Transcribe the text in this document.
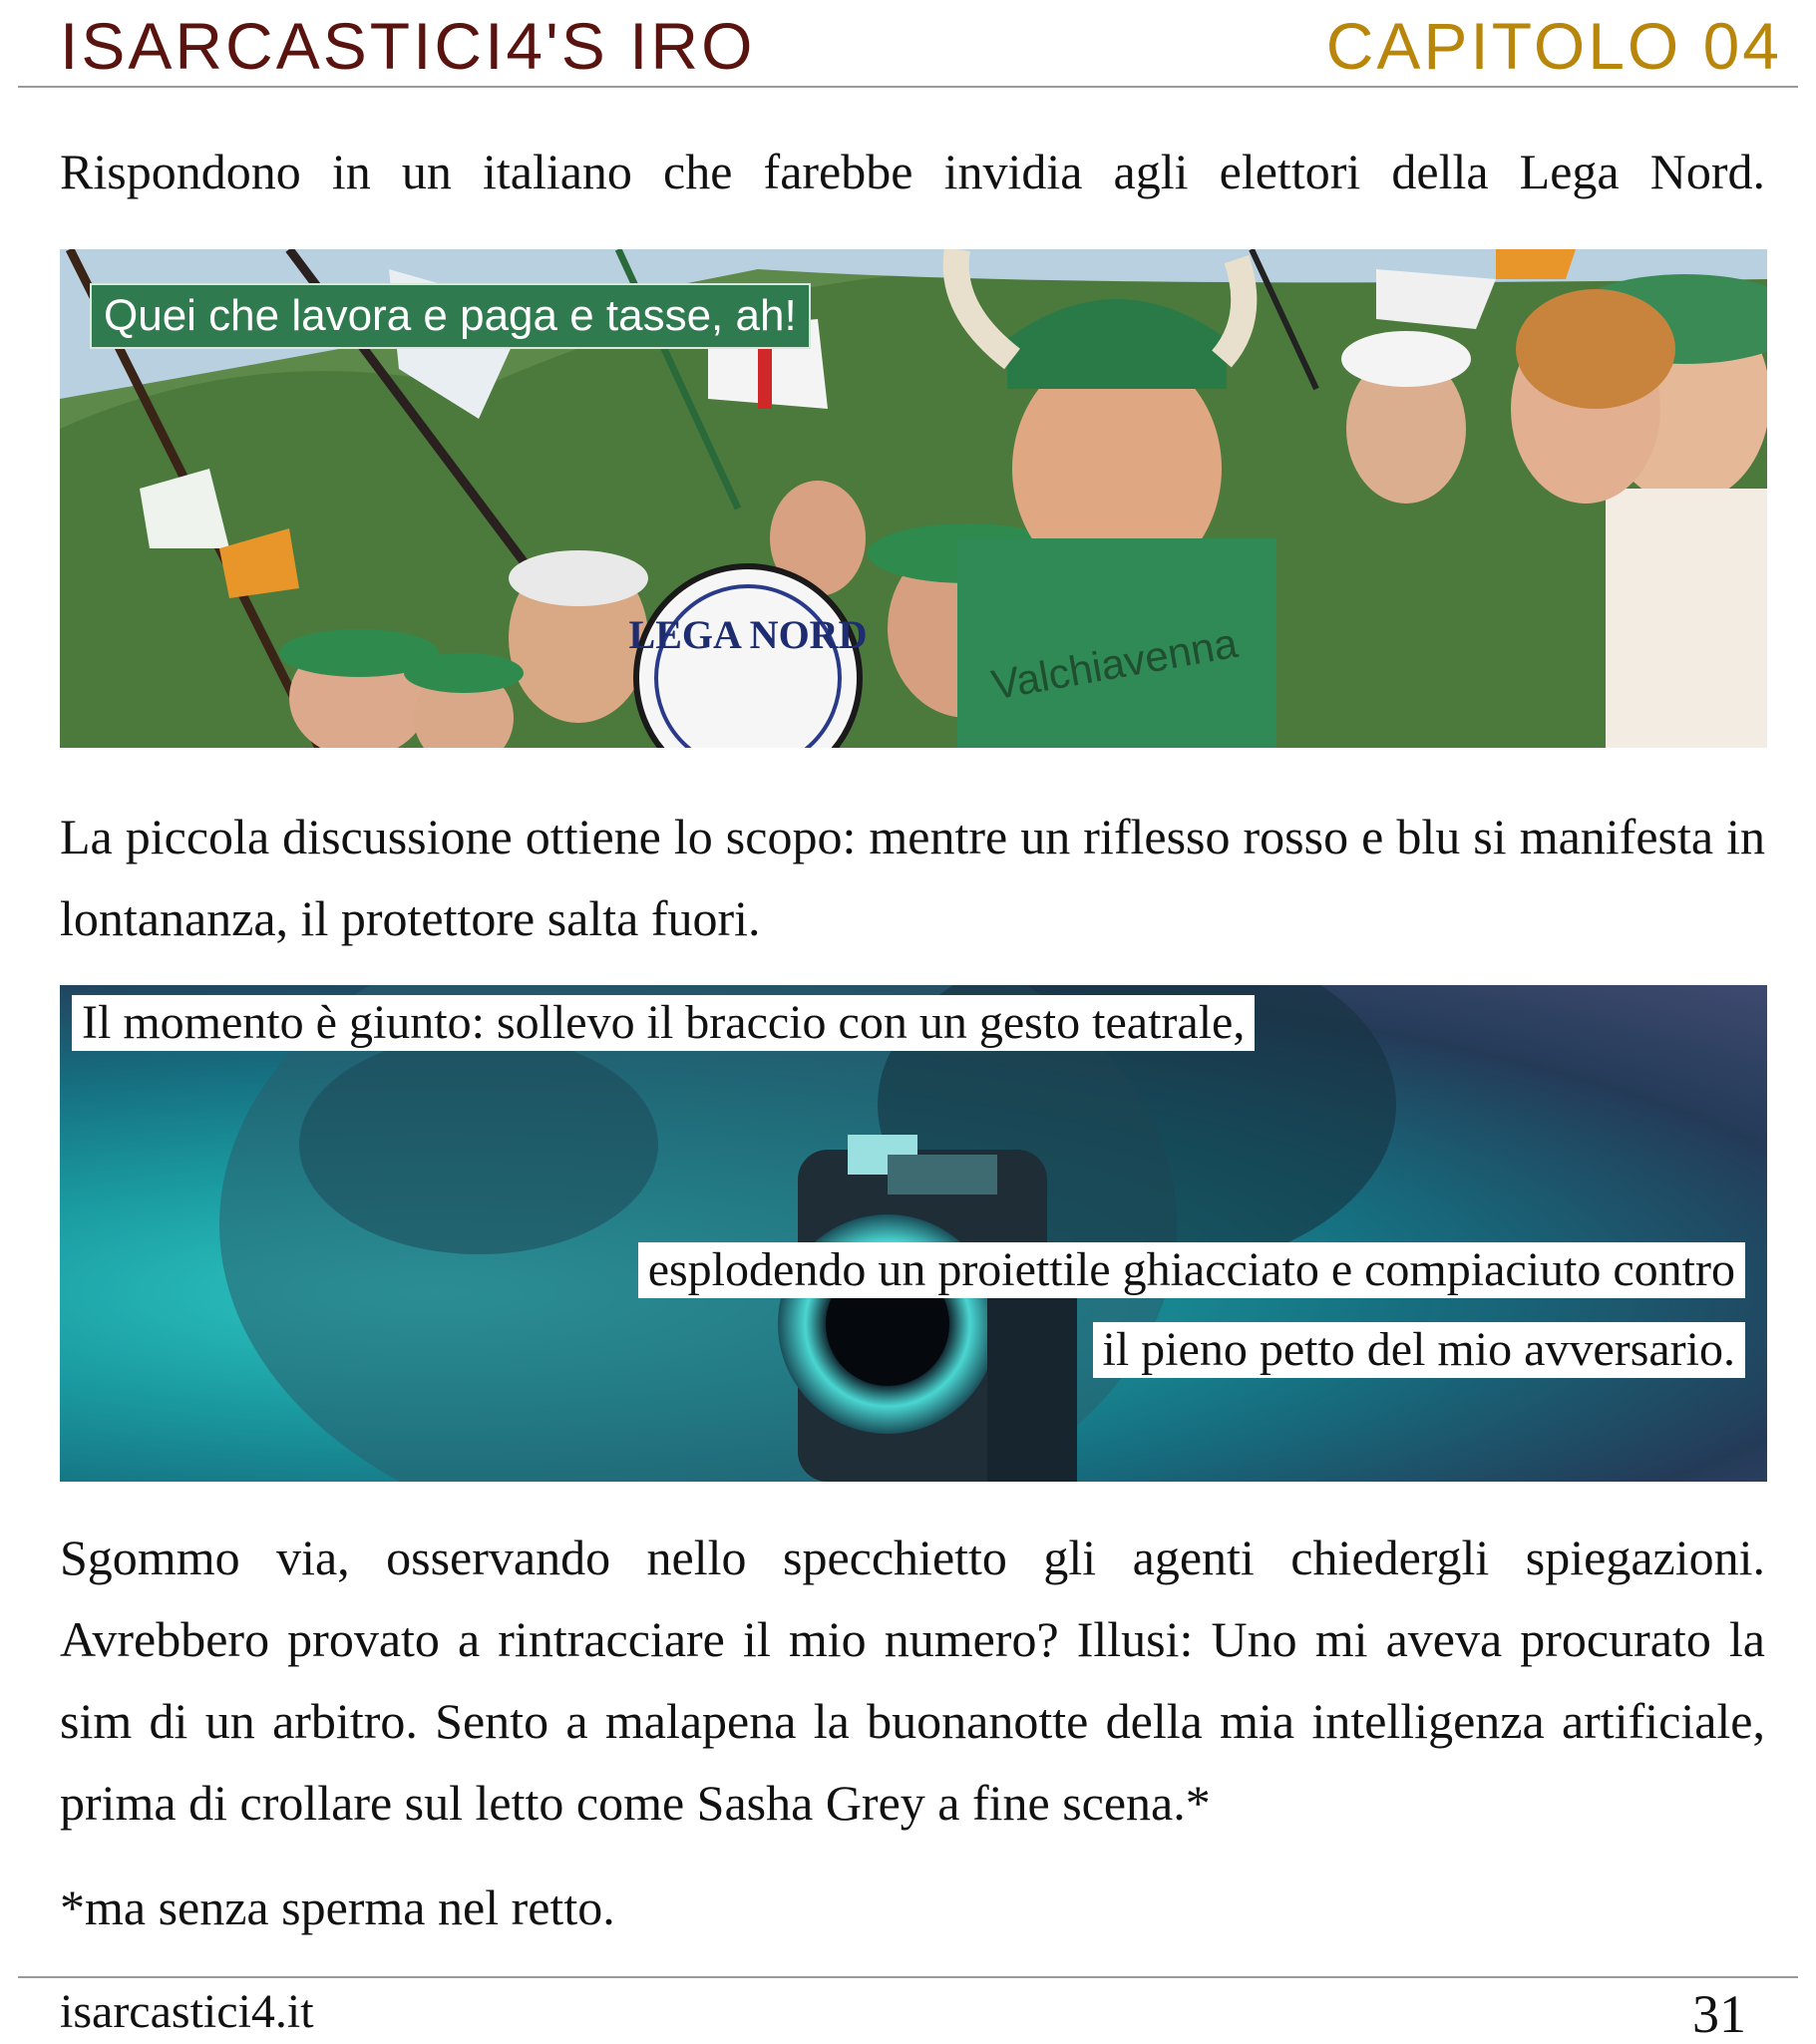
ISARCASTICI4'S IRO	CAPITOLO 04

Rispondono in un italiano che farebbe invidia agli elettori della Lega Nord.

LEGA NORD	Valchiavenna
Quei che lavora e paga e tasse, ah!

La piccola discussione ottiene lo scopo: mentre un riflesso rosso e blu si manifesta in lontananza, il protettore salta fuori.

Il momento è giunto: sollevo il braccio con un gesto teatrale,
esplodendo un proiettile ghiacciato e compiaciuto contro
il pieno petto del mio avversario.

Sgommo via, osservando nello specchietto gli agenti chiedergli spiegazioni. Avrebbero provato a rintracciare il mio numero? Illusi: Uno mi aveva procurato la sim di un arbitro. Sento a malapena la buonanotte della mia intelligenza artificiale, prima di crollare sul letto come Sasha Grey a fine scena.*

*ma senza sperma nel retto.

isarcastici4.it	31
